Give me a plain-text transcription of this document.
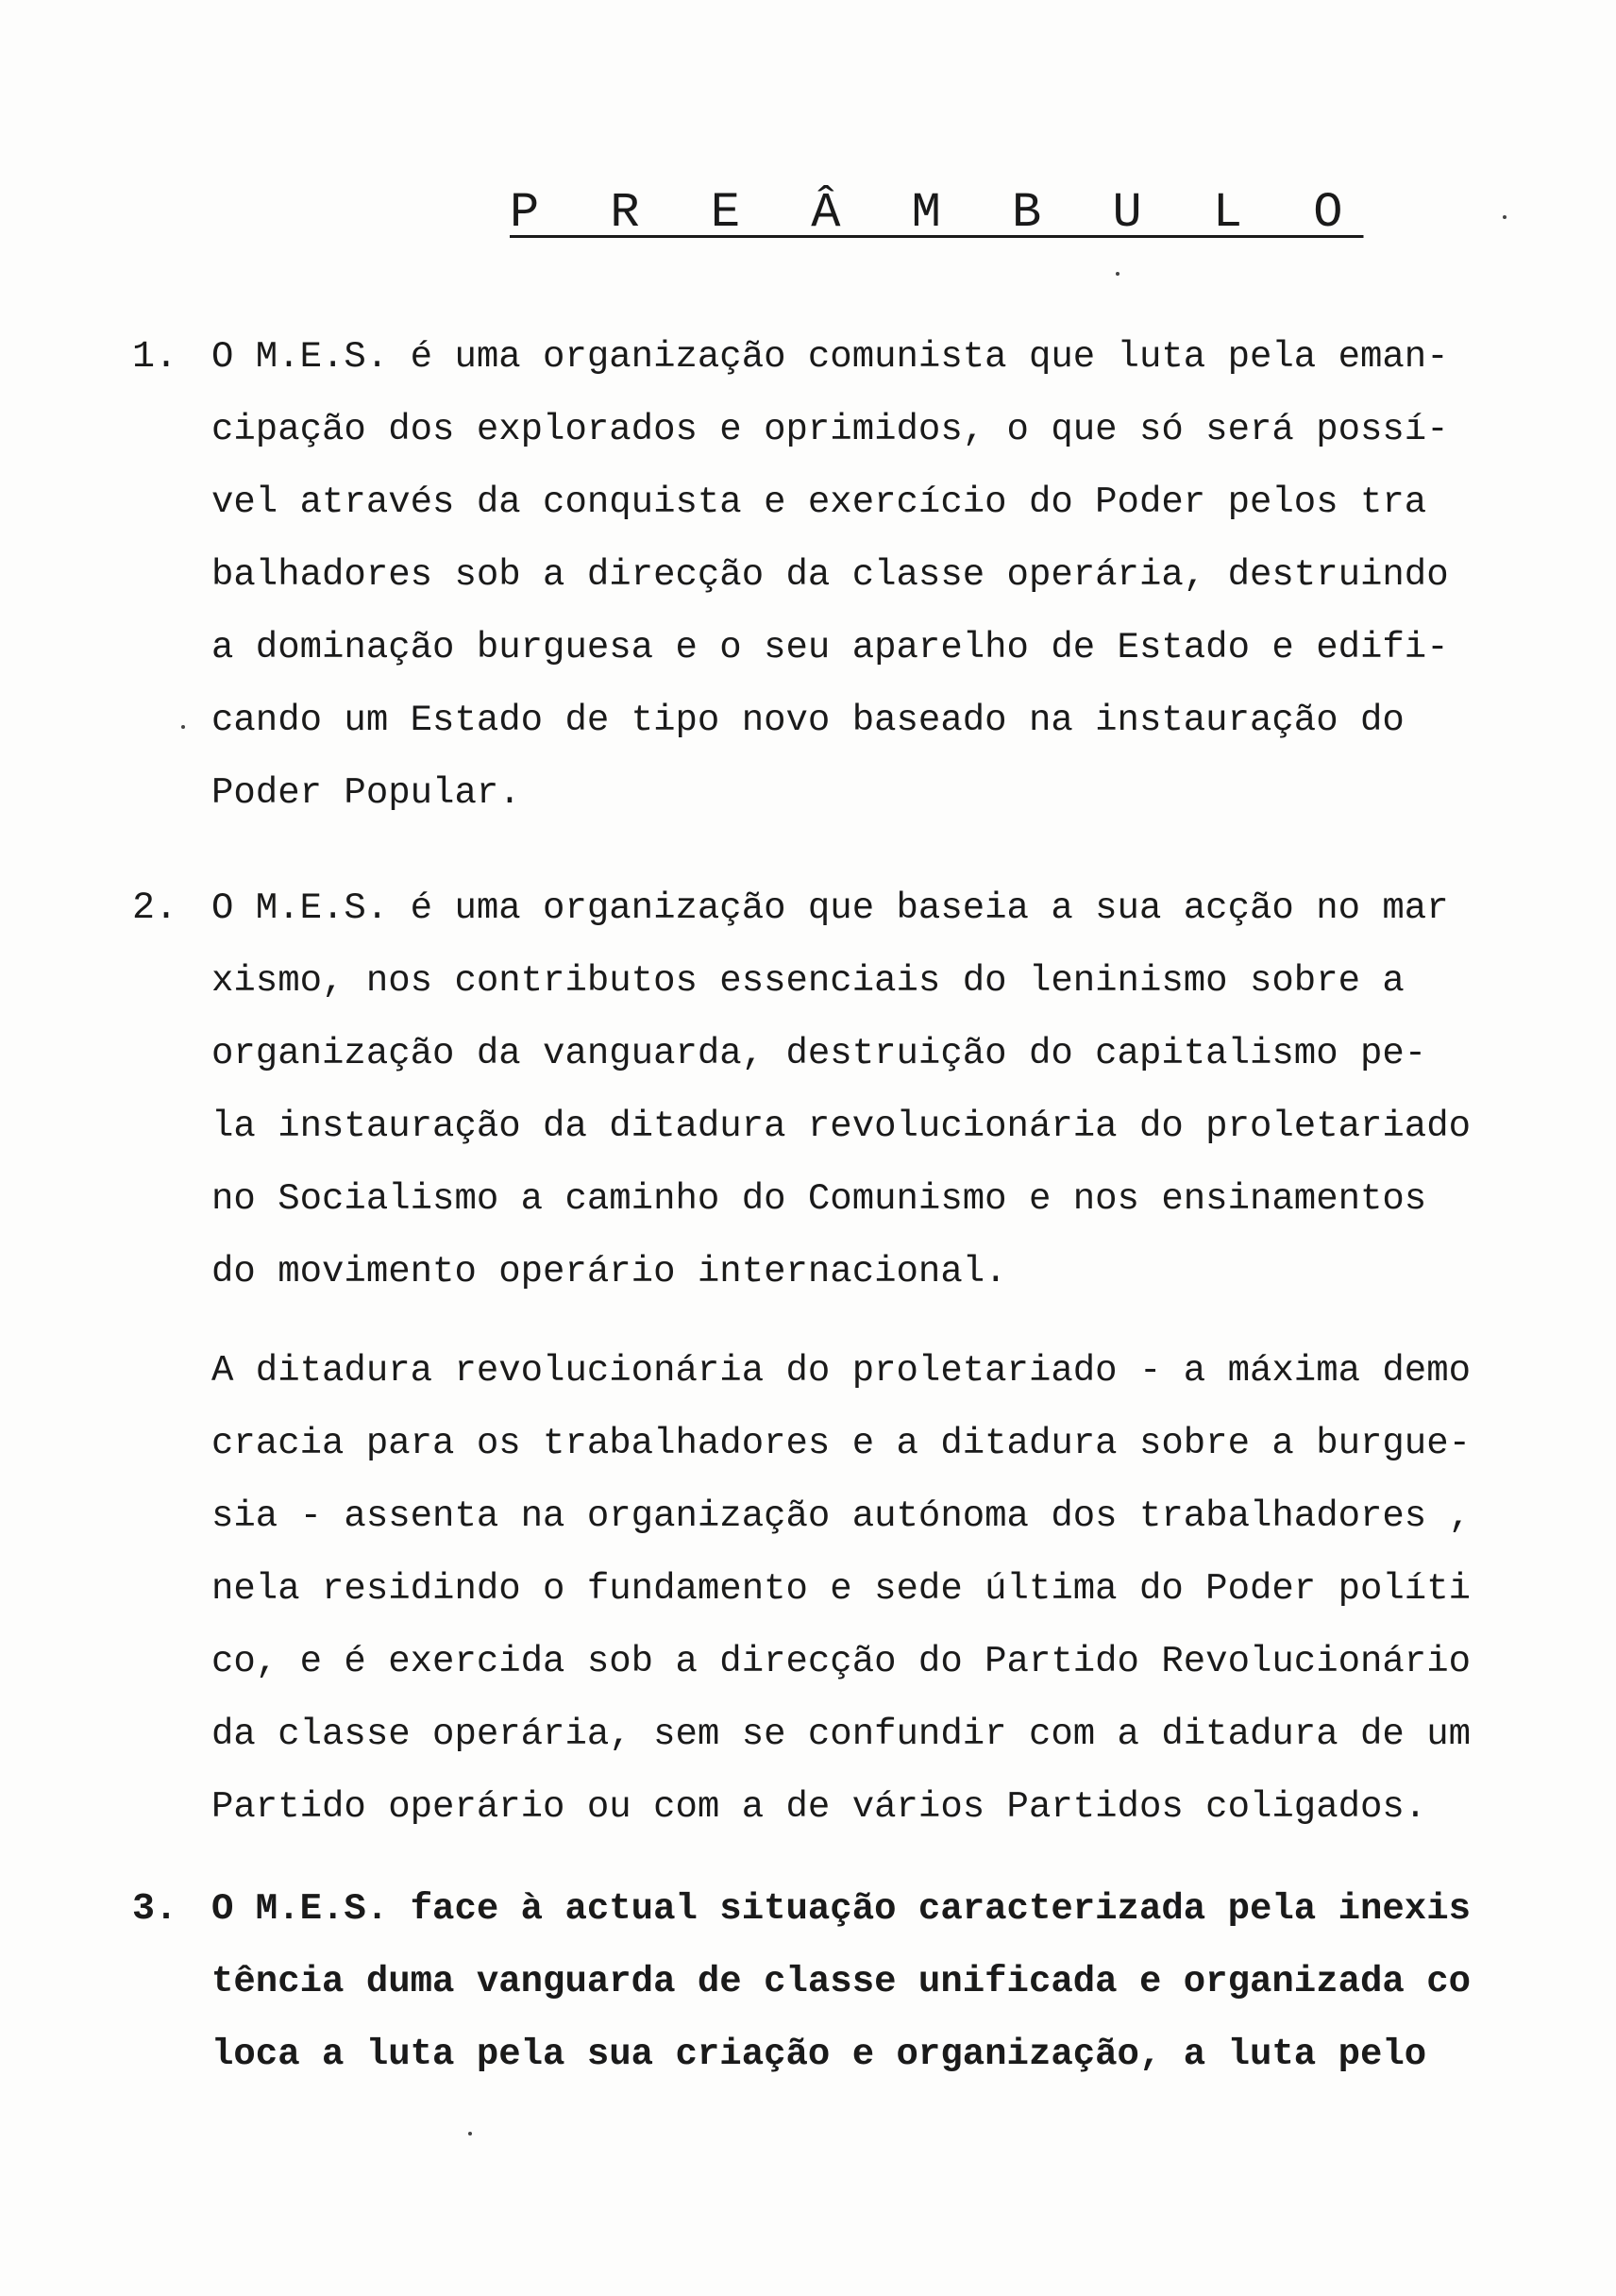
P R E Â M B U L O
1. O M.E.S. é uma organização comunista que luta pela eman-
cipação dos explorados e oprimidos, o que só será possí-
vel através da conquista e exercício do Poder pelos tra
balhadores sob a direcção da classe operária, destruindo
a dominação burguesa e o seu aparelho de Estado e edifi-
cando um Estado de tipo novo baseado na instauração do
Poder Popular.
2. O M.E.S. é uma organização que baseia a sua acção no mar
xismo, nos contributos essenciais do leninismo sobre a
organização da vanguarda, destruição do capitalismo pe-
la instauração da ditadura revolucionária do proletariado
no Socialismo a caminho do Comunismo e nos ensinamentos
do movimento operário internacional.
A ditadura revolucionária do proletariado - a máxima demo
cracia para os trabalhadores e a ditadura sobre a burgue-
sia - assenta na organização autónoma dos trabalhadores ,
nela residindo o fundamento e sede última do Poder políti
co, e é exercida sob a direcção do Partido Revolucionário
da classe operária, sem se confundir com a ditadura de um
Partido operário ou com a de vários Partidos coligados.
3. O M.E.S. face à actual situação caracterizada pela inexis
tência duma vanguarda de classe unificada e organizada co
loca a luta pela sua criação e organização, a luta pelo
